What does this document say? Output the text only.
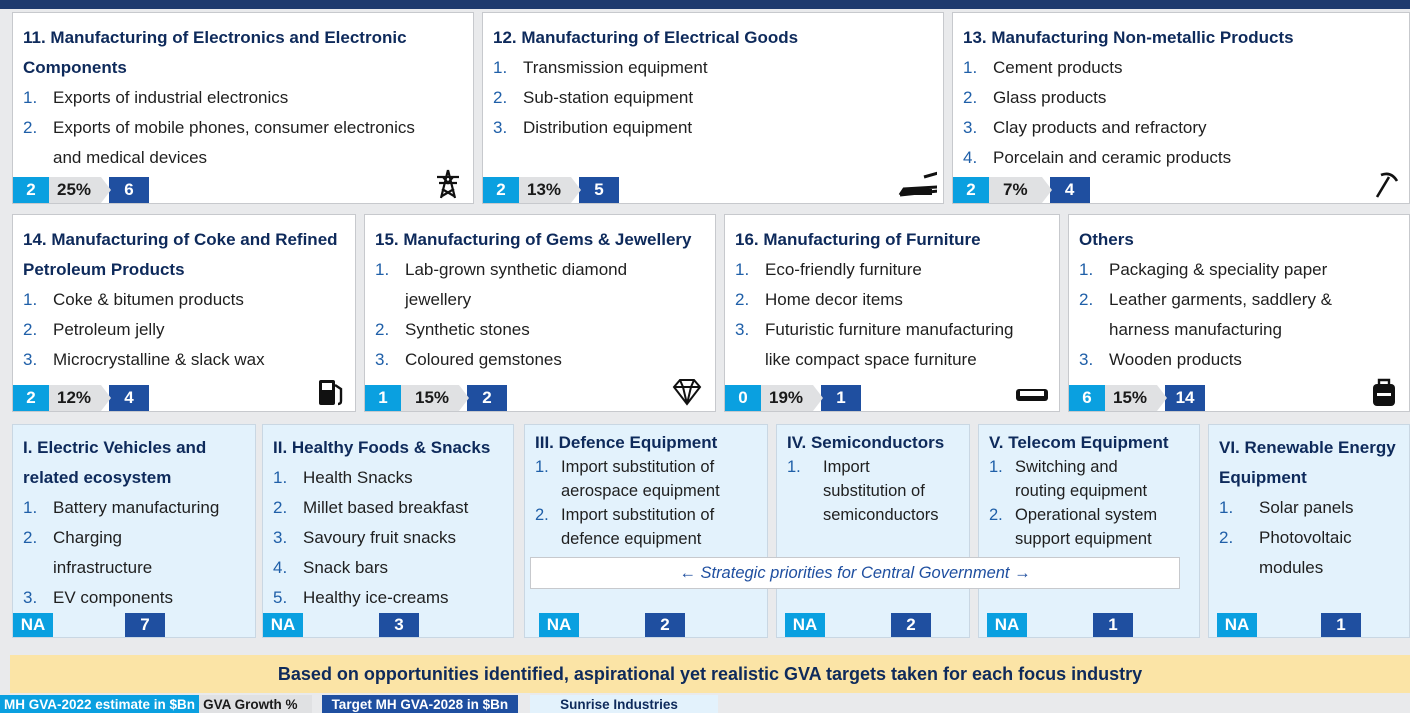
11. Manufacturing of Electronics and Electronic
Components
1. Exports of industrial electronics
2. Exports of mobile phones, consumer electronics
and medical devices
2	25%	6
12. Manufacturing of Electrical Goods
1. Transmission equipment
2. Sub-station equipment
3. Distribution equipment
2	13%	5
13. Manufacturing Non-metallic Products
1. Cement products
2. Glass products
3. Clay products and refractory
4. Porcelain and ceramic products
2	7%	4
14. Manufacturing of Coke and Refined
Petroleum Products
1. Coke & bitumen products
2. Petroleum jelly
3. Microcrystalline & slack wax
2	12%	4
15. Manufacturing of Gems & Jewellery
1. Lab-grown synthetic diamond
jewellery
2. Synthetic stones
3. Coloured gemstones
1	15%	2
16. Manufacturing of Furniture
1. Eco-friendly furniture
2. Home decor items
3. Futuristic furniture manufacturing
like compact space furniture
0	19%	1
Others
1. Packaging & speciality paper
2. Leather garments, saddlery &
harness manufacturing
3. Wooden products
6	15%	14
I. Electric Vehicles and
related ecosystem
1. Battery manufacturing
2. Charging
infrastructure
3. EV components
NA	7
II. Healthy Foods & Snacks
1. Health Snacks
2. Millet based breakfast
3. Savoury fruit snacks
4. Snack bars
5. Healthy ice-creams
NA	3
III. Defence Equipment
1. Import substitution of
aerospace equipment
2. Import substitution of
defence equipment
NA	2
IV. Semiconductors
1.	Import
substitution of
semiconductors
NA	2
V. Telecom Equipment
1. Switching and
routing equipment
2. Operational system
support equipment
NA	1
VI. Renewable Energy
Equipment
1.	Solar panels
2.	Photovoltaic
modules
NA	1
← Strategic priorities for Central Government →
Based on opportunities identified, aspirational yet realistic GVA targets taken for each focus industry
MH GVA-2022 estimate in $Bn GVA Growth %	Target MH GVA-2028 in $Bn	Sunrise Industries
